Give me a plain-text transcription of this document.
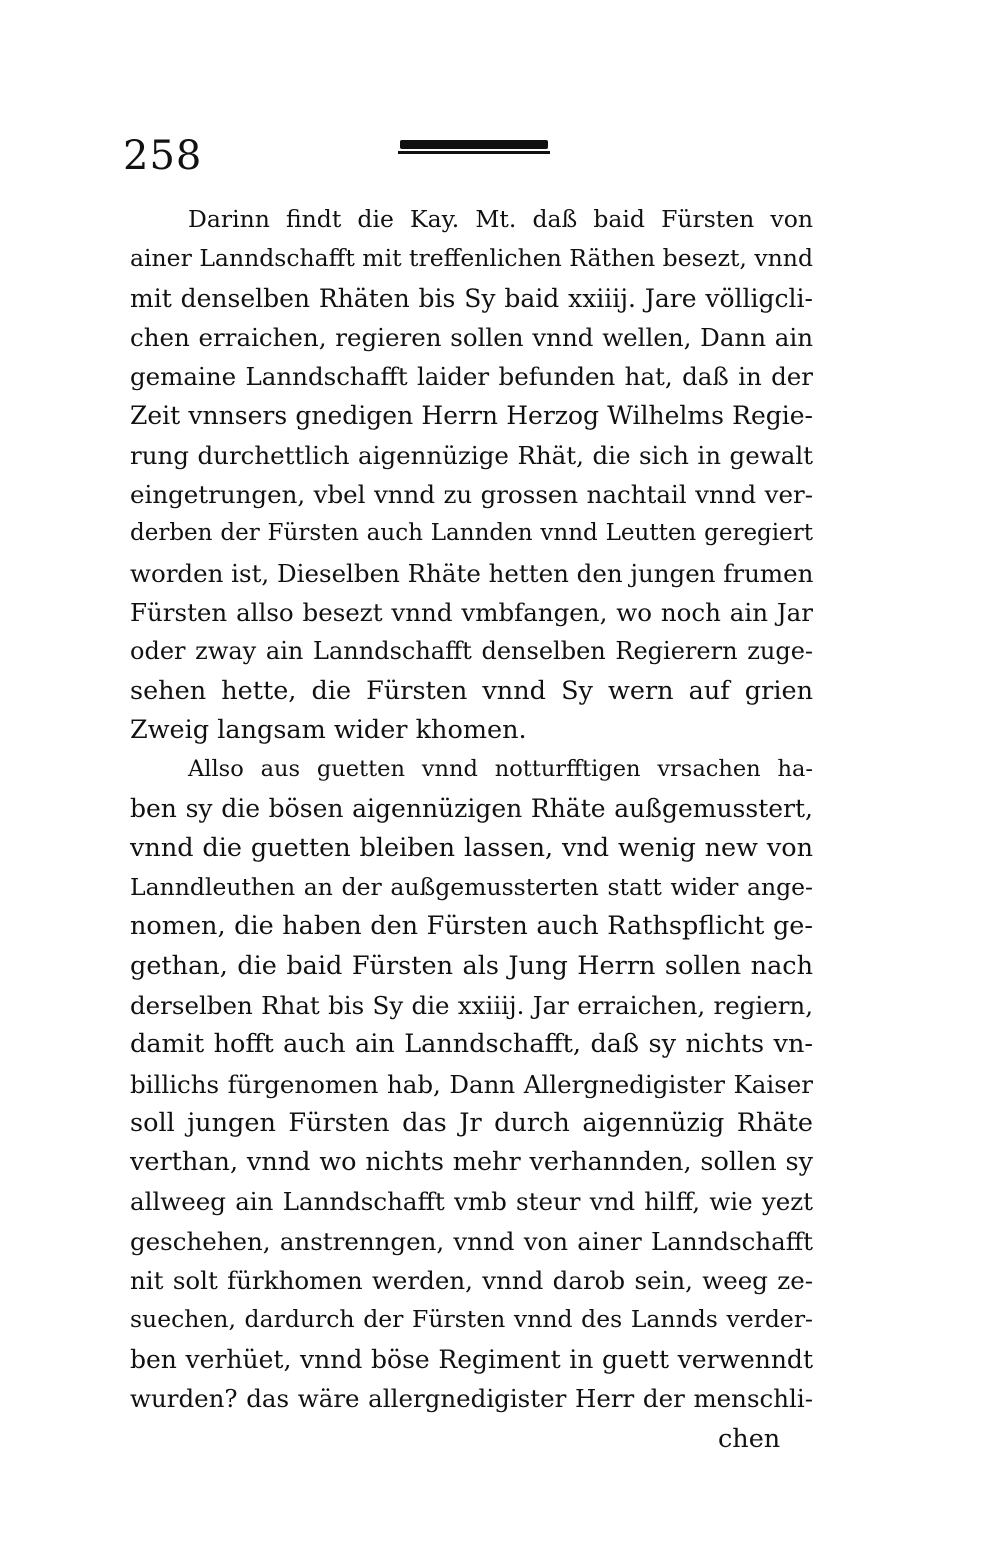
258
Darinn findt die Kay. Mt. daß baid Fürsten von
ainer Lanndschafft mit treffenlichen Räthen besezt, vnnd
mit denselben Rhäten bis Sy baid xxiiij. Jare völligcli-
chen erraichen, regieren sollen vnnd wellen, Dann ain
gemaine Lanndschafft laider befunden hat, daß in der
Zeit vnnsers gnedigen Herrn Herzog Wilhelms Regie-
rung durchettlich aigennüzige Rhät, die sich in gewalt
eingetrungen, vbel vnnd zu grossen nachtail vnnd ver-
derben der Fürsten auch Lannden vnnd Leutten geregiert
worden ist, Dieselben Rhäte hetten den jungen frumen
Fürsten allso besezt vnnd vmbfangen, wo noch ain Jar
oder zway ain Lanndschafft denselben Regierern zuge-
sehen hette, die Fürsten vnnd Sy wern auf grien
Zweig langsam wider khomen.
Allso aus guetten vnnd notturfftigen vrsachen ha-
ben sy die bösen aigennüzigen Rhäte außgemusstert,
vnnd die guetten bleiben lassen, vnd wenig new von
Lanndleuthen an der außgemussterten statt wider ange-
nomen, die haben den Fürsten auch Rathspflicht ge-
gethan, die baid Fürsten als Jung Herrn sollen nach
derselben Rhat bis Sy die xxiiij. Jar erraichen, regiern,
damit hofft auch ain Lanndschafft, daß sy nichts vn-
billichs fürgenomen hab, Dann Allergnedigister Kaiser
soll jungen Fürsten das Jr durch aigennüzig Rhäte
verthan, vnnd wo nichts mehr verhannden, sollen sy
allweeg ain Lanndschafft vmb steur vnd hilff, wie yezt
geschehen, anstrenngen, vnnd von ainer Lanndschafft
nit solt fürkhomen werden, vnnd darob sein, weeg ze-
suechen, dardurch der Fürsten vnnd des Lannds verder-
ben verhüet, vnnd böse Regiment in guett verwenndt
wurden? das wäre allergnedigister Herr der menschli-
chen
